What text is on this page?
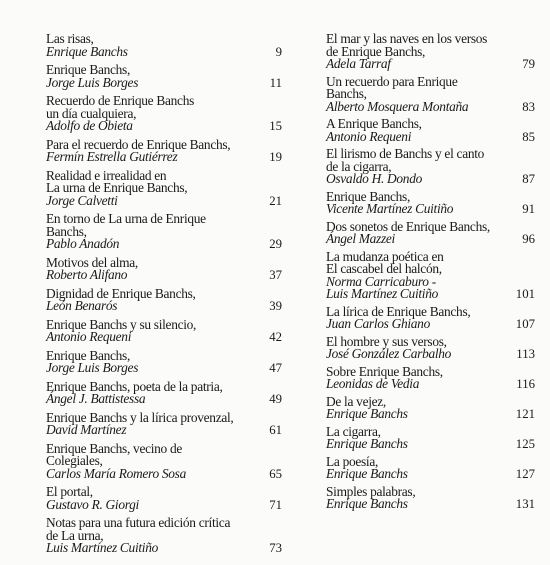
Las risas,
Enrique Banchs	9
Enrique Banchs,
Jorge Luis Borges	11
Recuerdo de Enrique Banchs
un día cualquiera,
Adolfo de Obieta	15
Para el recuerdo de Enrique Banchs,
Fermín Estrella Gutiérrez	19
Realidad e irrealidad en
La urna de Enrique Banchs,
Jorge Calvetti	21
En torno de La urna de Enrique Banchs,
Pablo Anadón	29
Motivos del alma,
Roberto Alifano	37
Dignidad de Enrique Banchs,
León Benarós	39
Enrique Banchs y su silencio,
Antonio Requeni	42
Enrique Banchs,
Jorge Luis Borges	47
Enrique Banchs, poeta de la patria,
Ángel J. Battistessa	49
Enrique Banchs y la lírica provenzal,
David Martínez	61
Enrique Banchs, vecino de Colegiales,
Carlos María Romero Sosa	65
El portal,
Gustavo R. Giorgi	71
Notas para una futura edición crítica
de La urna,
Luis Martínez Cuitiño	73
El mar y las naves en los versos
de Enrique Banchs,
Adela Tarraf	79
Un recuerdo para Enrique Banchs,
Alberto Mosquera Montaña	83
A Enrique Banchs,
Antonio Requeni	85
El lirismo de Banchs y el canto
de la cigarra,
Osvaldo H. Dondo	87
Enrique Banchs,
Vicente Martínez Cuitiño	91
Dos sonetos de Enrique Banchs,
Ángel Mazzei	96
La mudanza poética en
El cascabel del halcón,
Norma Carricaburo -
Luis Martínez Cuitiño	101
La lírica de Enrique Banchs,
Juan Carlos Ghiano	107
El hombre y sus versos,
José González Carbalho	113
Sobre Enrique Banchs,
Leonidas de Vedia	116
De la vejez,
Enrique Banchs	121
La cigarra,
Enrique Banchs	125
La poesía,
Enrique Banchs	127
Simples palabras,
Enrique Banchs	131
